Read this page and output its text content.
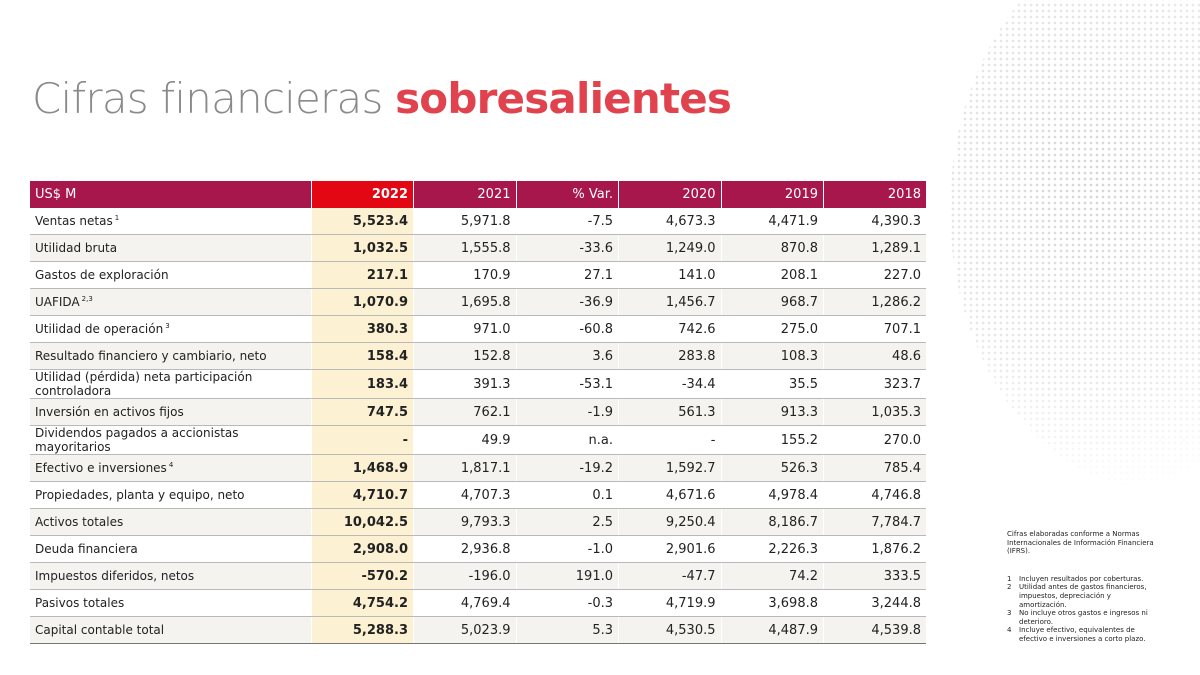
Cifras financieras sobresalientes
US$ M	2022	2021	% Var.	2020	2019	2018
Ventas netas $^1$	5,523.4	5,971.8	-7.5	4,673.3	4,471.9	4,390.3
Utilidad bruta	1,032.5	1,555.8	-33.6	1,249.0	870.8	1,289.1
Gastos de exploración	217.1	170.9	27.1	141.0	208.1	227.0
UAFIDA $^{2,3}$	1,070.9	1,695.8	-36.9	1,456.7	968.7	1,286.2
Utilidad de operación $^3$	380.3	971.0	-60.8	742.6	275.0	707.1
Resultado financiero y cambiario, neto	158.4	152.8	3.6	283.8	108.3	48.6
Utilidad (pérdida) neta participación controladora	183.4	391.3	-53.1	-34.4	35.5	323.7
Inversión en activos fijos	747.5	762.1	-1.9	561.3	913.3	1,035.3
Dividendos pagados a accionistas mayoritarios	-	49.9	n.a.	-	155.2	270.0
Efectivo e inversiones $^4$	1,468.9	1,817.1	-19.2	1,592.7	526.3	785.4
Propiedades, planta y equipo, neto	4,710.7	4,707.3	0.1	4,671.6	4,978.4	4,746.8
Activos totales	10,042.5	9,793.3	2.5	9,250.4	8,186.7	7,784.7
Deuda financiera	2,908.0	2,936.8	-1.0	2,901.6	2,226.3	1,876.2
Impuestos diferidos, netos	-570.2	-196.0	191.0	-47.7	74.2	333.5
Pasivos totales	4,754.2	4,769.4	-0.3	4,719.9	3,698.8	3,244.8
Capital contable total	5,288.3	5,023.9	5.3	4,530.5	4,487.9	4,539.8

Cifras elaboradas conforme a Normas Internacionales de Información Financiera (IFRS).

1	Incluyen resultados por coberturas.
2	Utilidad antes de gastos financieros, impuestos, depreciación y amortización.
3	No incluye otros gastos e ingresos ni deterioro.
4	Incluye efectivo, equivalentes de efectivo e inversiones a corto plazo.
